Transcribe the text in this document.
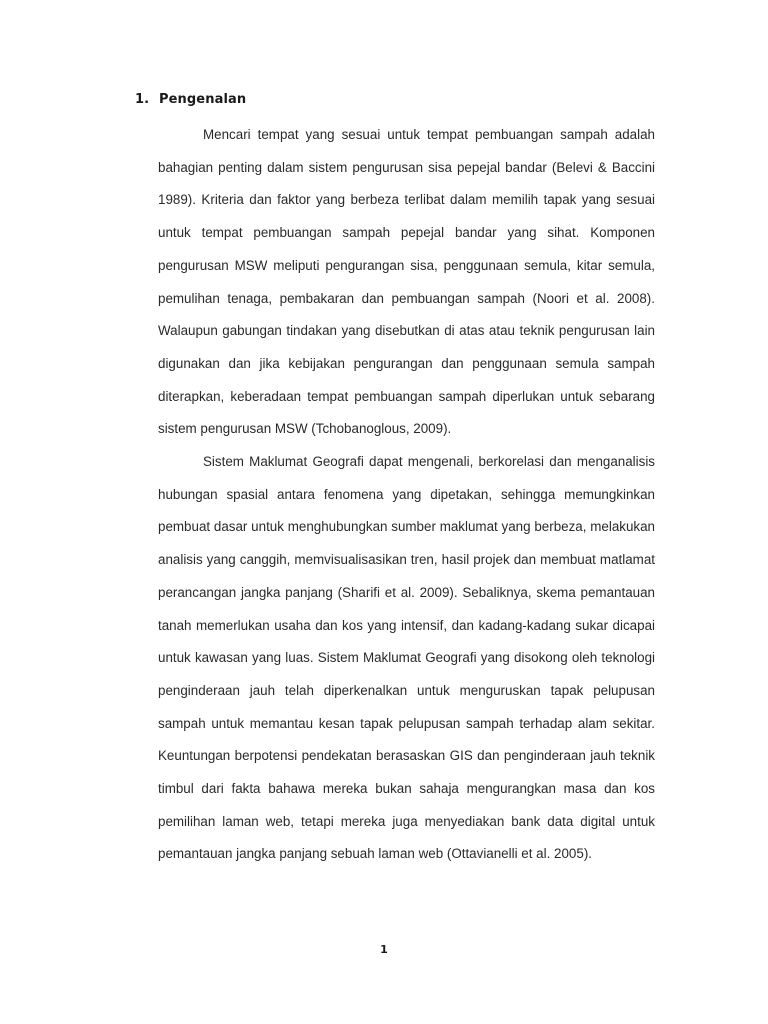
1. Pengenalan

Mencari tempat yang sesuai untuk tempat pembuangan sampah adalah bahagian penting dalam sistem pengurusan sisa pepejal bandar (Belevi & Baccini 1989). Kriteria dan faktor yang berbeza terlibat dalam memilih tapak yang sesuai untuk tempat pembuangan sampah pepejal bandar yang sihat. Komponen pengurusan MSW meliputi pengurangan sisa, penggunaan semula, kitar semula, pemulihan tenaga, pembakaran dan pembuangan sampah (Noori et al. 2008). Walaupun gabungan tindakan yang disebutkan di atas atau teknik pengurusan lain digunakan dan jika kebijakan pengurangan dan penggunaan semula sampah diterapkan, keberadaan tempat pembuangan sampah diperlukan untuk sebarang sistem pengurusan MSW (Tchobanoglous, 2009).

Sistem Maklumat Geografi dapat mengenali, berkorelasi dan menganalisis hubungan spasial antara fenomena yang dipetakan, sehingga memungkinkan pembuat dasar untuk menghubungkan sumber maklumat yang berbeza, melakukan analisis yang canggih, memvisualisasikan tren, hasil projek dan membuat matlamat perancangan jangka panjang (Sharifi et al. 2009). Sebaliknya, skema pemantauan tanah memerlukan usaha dan kos yang intensif, dan kadang-kadang sukar dicapai untuk kawasan yang luas. Sistem Maklumat Geografi yang disokong oleh teknologi penginderaan jauh telah diperkenalkan untuk menguruskan tapak pelupusan sampah untuk memantau kesan tapak pelupusan sampah terhadap alam sekitar. Keuntungan berpotensi pendekatan berasaskan GIS dan penginderaan jauh teknik timbul dari fakta bahawa mereka bukan sahaja mengurangkan masa dan kos pemilihan laman web, tetapi mereka juga menyediakan bank data digital untuk pemantauan jangka panjang sebuah laman web (Ottavianelli et al. 2005).

1
